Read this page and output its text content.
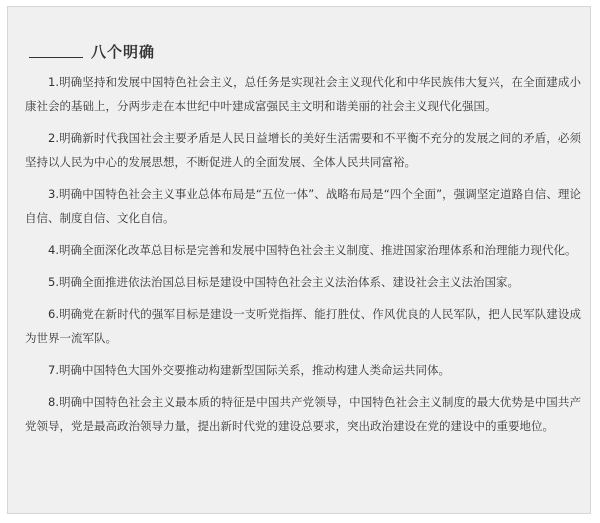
八个明确

1.明确坚持和发展中国特色社会主义，总任务是实现社会主义现代化和中华民族伟大复兴，在全面建成小康社会的基础上，分两步走在本世纪中叶建成富强民主文明和谐美丽的社会主义现代化强国。

2.明确新时代我国社会主要矛盾是人民日益增长的美好生活需要和不平衡不充分的发展之间的矛盾，必须坚持以人民为中心的发展思想，不断促进人的全面发展、全体人民共同富裕。

3.明确中国特色社会主义事业总体布局是“五位一体”、战略布局是“四个全面”，强调坚定道路自信、理论自信、制度自信、文化自信。

4.明确全面深化改革总目标是完善和发展中国特色社会主义制度、推进国家治理体系和治理能力现代化。

5.明确全面推进依法治国总目标是建设中国特色社会主义法治体系、建设社会主义法治国家。

6.明确党在新时代的强军目标是建设一支听党指挥、能打胜仗、作风优良的人民军队，把人民军队建设成为世界一流军队。

7.明确中国特色大国外交要推动构建新型国际关系，推动构建人类命运共同体。

8.明确中国特色社会主义最本质的特征是中国共产党领导，中国特色社会主义制度的最大优势是中国共产党领导，党是最高政治领导力量，提出新时代党的建设总要求，突出政治建设在党的建设中的重要地位。
